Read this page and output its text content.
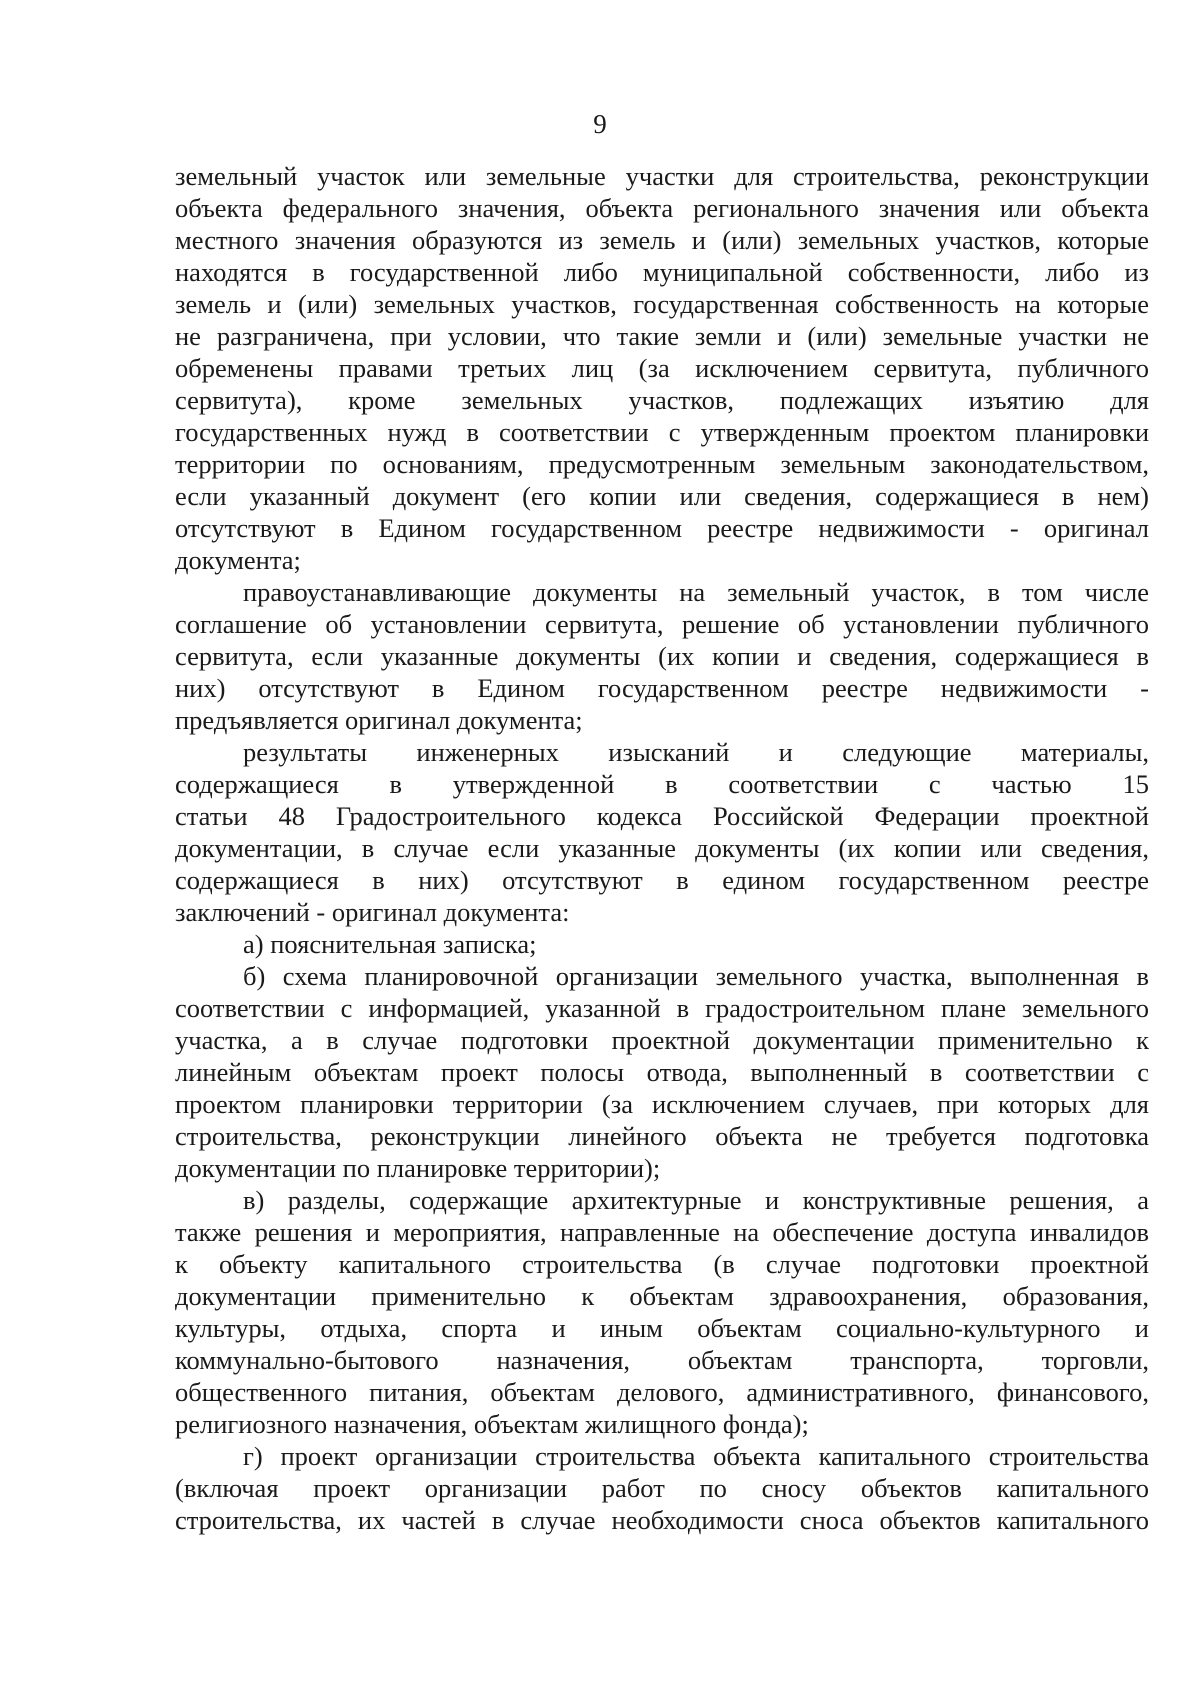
9

земельный участок или земельные участки для строительства, реконструкции
объекта федерального значения, объекта регионального значения или объекта
местного значения образуются из земель и (или) земельных участков, которые
находятся в государственной либо муниципальной собственности, либо из
земель и (или) земельных участков, государственная собственность на которые
не разграничена, при условии, что такие земли и (или) земельные участки не
обременены правами третьих лиц (за исключением сервитута, публичного
сервитута), кроме земельных участков, подлежащих изъятию для
государственных нужд в соответствии с утвержденным проектом планировки
территории по основаниям, предусмотренным земельным законодательством,
если указанный документ (его копии или сведения, содержащиеся в нем)
отсутствуют в Едином государственном реестре недвижимости - оригинал
документа;

правоустанавливающие документы на земельный участок, в том числе
соглашение об установлении сервитута, решение об установлении публичного
сервитута, если указанные документы (их копии и сведения, содержащиеся в
них) отсутствуют в Едином государственном реестре недвижимости -
предъявляется оригинал документа;

результаты инженерных изысканий и следующие материалы,
содержащиеся в утвержденной в соответствии с частью 15
статьи 48 Градостроительного кодекса Российской Федерации проектной
документации, в случае если указанные документы (их копии или сведения,
содержащиеся в них) отсутствуют в едином государственном реестре
заключений - оригинал документа:

а) пояснительная записка;

б) схема планировочной организации земельного участка, выполненная в
соответствии с информацией, указанной в градостроительном плане земельного
участка, а в случае подготовки проектной документации применительно к
линейным объектам проект полосы отвода, выполненный в соответствии с
проектом планировки территории (за исключением случаев, при которых для
строительства, реконструкции линейного объекта не требуется подготовка
документации по планировке территории);

в) разделы, содержащие архитектурные и конструктивные решения, а
также решения и мероприятия, направленные на обеспечение доступа инвалидов
к объекту капитального строительства (в случае подготовки проектной
документации применительно к объектам здравоохранения, образования,
культуры, отдыха, спорта и иным объектам социально-культурного и
коммунально-бытового назначения, объектам транспорта, торговли,
общественного питания, объектам делового, административного, финансового,
религиозного назначения, объектам жилищного фонда);

г) проект организации строительства объекта капитального строительства
(включая проект организации работ по сносу объектов капитального
строительства, их частей в случае необходимости сноса объектов капитального
